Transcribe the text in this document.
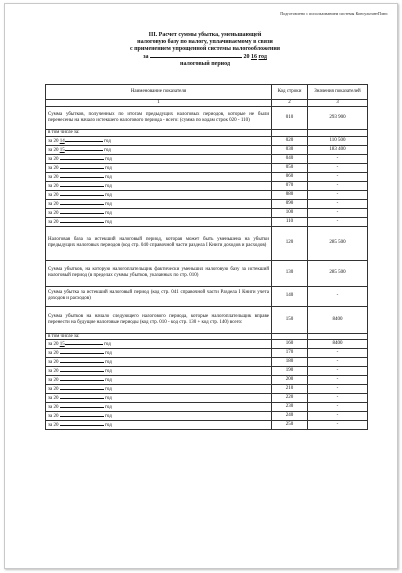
Подготовлено с использованием системы КонсультантПлюс
III. Расчет суммы убытка, уменьшающей
налоговую базу по налогу, уплачиваемому в связи
с применением упрощенной системы налогообложения
за	20 16 год
налоговый период
Наименование показателя	Код строки	Значения показателей
1	2	3
Сумма убытков, полученных по итогам предыдущих налоговых периодов, которые не были перенесены на начало истекшего налогового периода - всего: (сумма по кодам строк 020 - 110)	010	293 900
в том числе за:		
за 20 14 год	020	110 500
за 20 15 год	030	183 400
за 20 год	040	-
за 20 год	050	-
за 20 год	060	-
за 20 год	070	-
за 20 год	080	-
за 20 год	090	-
за 20 год	100	-
за 20 год	110	-
Налоговая база за истекший налоговый период, которая может быть уменьшена на убытки предыдущих налоговых периодов (код стр. 040 справочной части раздела I Книги доходов и расходов)	120	285 500
Сумма убытков, на которую налогоплательщик фактически уменьшил налоговую базу за истекший налоговый период (в пределах суммы убытков, указанных по стр. 010)	130	285 500
Сумма убытка за истекший налоговый период (код стр. 041 справочной части Раздела I Книги учета доходов и расходов)	140	-
Сумма убытков на начало следующего налогового периода, которые налогоплательщик вправе перенести на будущие налоговые периоды (код стр. 010 - код стр. 130 + код стр. 140) всего:	150	8400
в том числе за:		
за 20 15 год	160	8400
за 20 год	170	-
за 20 год	180	-
за 20 год	190	-
за 20 год	200	-
за 20 год	210	-
за 20 год	220	-
за 20 год	230	-
за 20 год	240	-
за 20 год	250	-
